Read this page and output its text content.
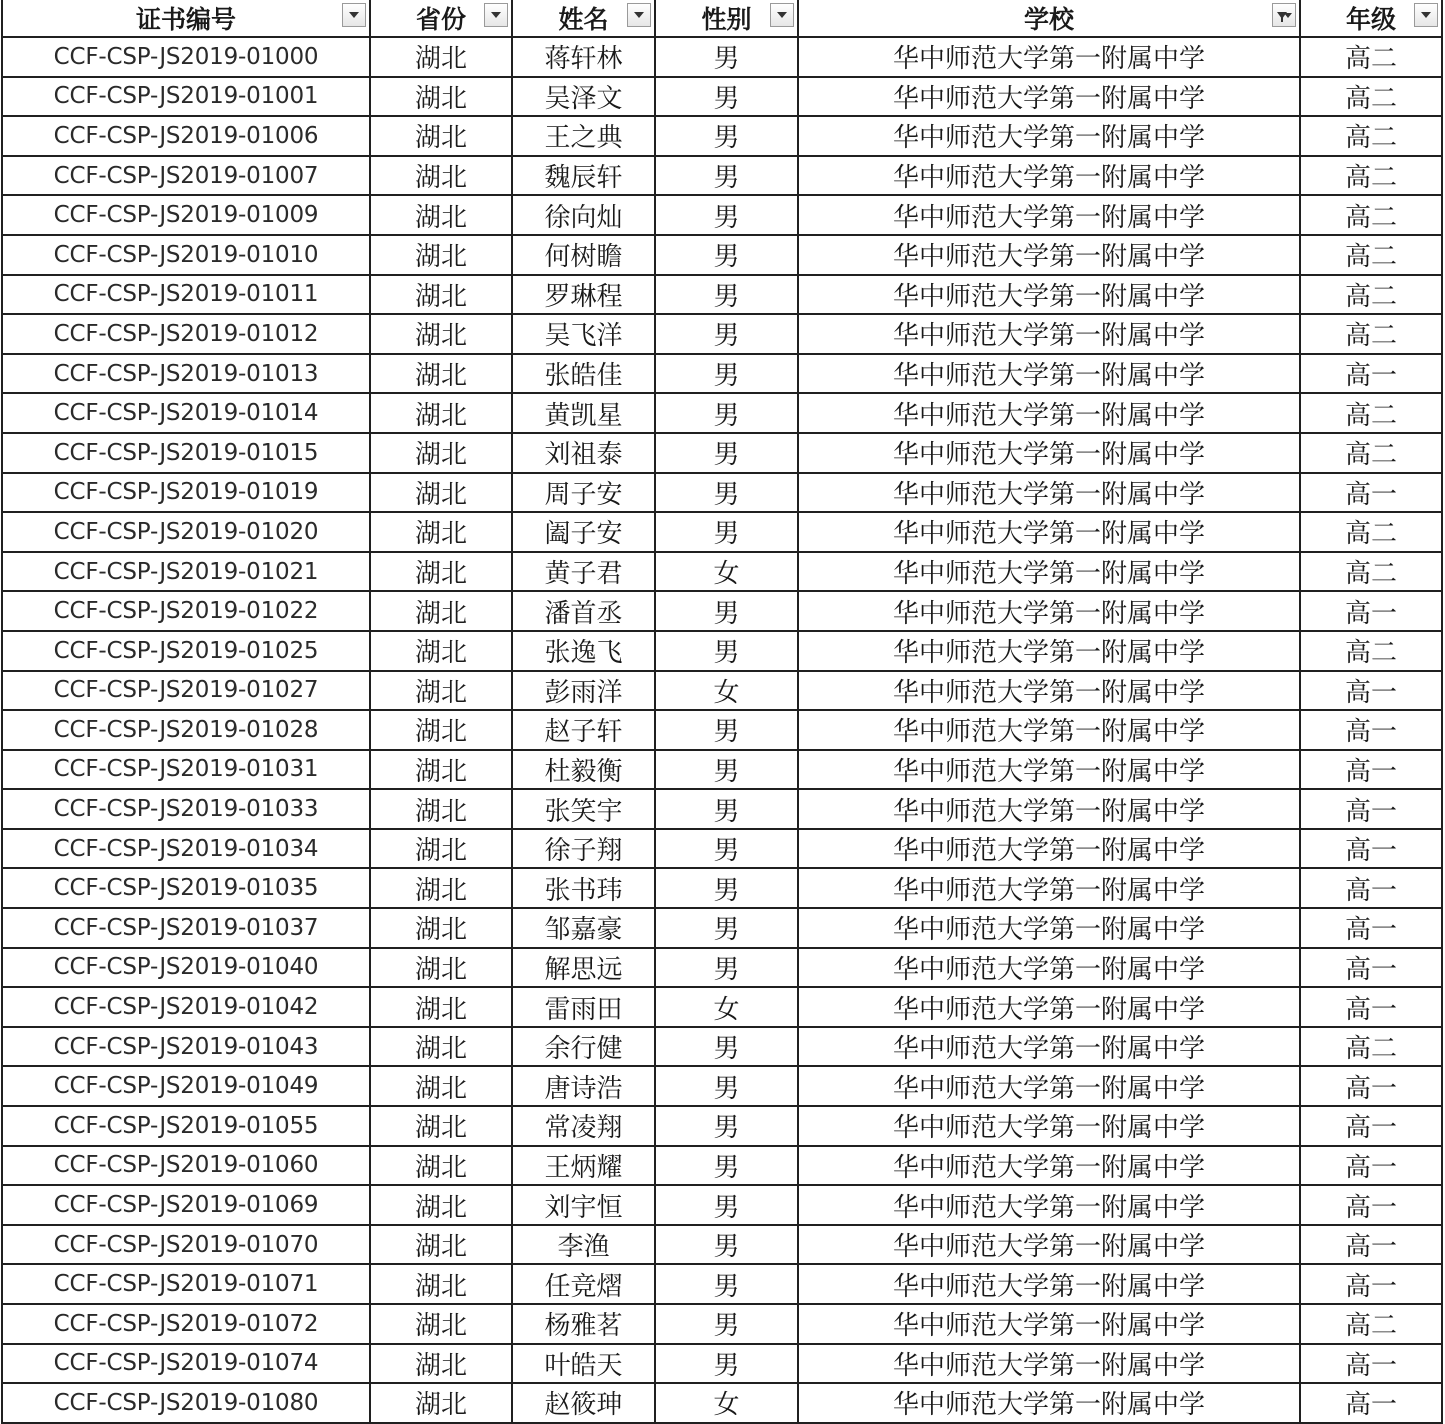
证书编号	省份	姓名	性别	学校	年级

CCF-CSP-JS2019-01000	湖北	蒋轩林	男	华中师范大学第一附属中学	高二
CCF-CSP-JS2019-01001	湖北	吴泽文	男	华中师范大学第一附属中学	高二
CCF-CSP-JS2019-01006	湖北	王之典	男	华中师范大学第一附属中学	高二
CCF-CSP-JS2019-01007	湖北	魏辰轩	男	华中师范大学第一附属中学	高二
CCF-CSP-JS2019-01009	湖北	徐向灿	男	华中师范大学第一附属中学	高二
CCF-CSP-JS2019-01010	湖北	何树瞻	男	华中师范大学第一附属中学	高二
CCF-CSP-JS2019-01011	湖北	罗琳程	男	华中师范大学第一附属中学	高二
CCF-CSP-JS2019-01012	湖北	吴飞洋	男	华中师范大学第一附属中学	高二
CCF-CSP-JS2019-01013	湖北	张皓佳	男	华中师范大学第一附属中学	高一
CCF-CSP-JS2019-01014	湖北	黄凯星	男	华中师范大学第一附属中学	高二
CCF-CSP-JS2019-01015	湖北	刘祖泰	男	华中师范大学第一附属中学	高二
CCF-CSP-JS2019-01019	湖北	周子安	男	华中师范大学第一附属中学	高一
CCF-CSP-JS2019-01020	湖北	阖子安	男	华中师范大学第一附属中学	高二
CCF-CSP-JS2019-01021	湖北	黄子君	女	华中师范大学第一附属中学	高二
CCF-CSP-JS2019-01022	湖北	潘首丞	男	华中师范大学第一附属中学	高一
CCF-CSP-JS2019-01025	湖北	张逸飞	男	华中师范大学第一附属中学	高二
CCF-CSP-JS2019-01027	湖北	彭雨洋	女	华中师范大学第一附属中学	高一
CCF-CSP-JS2019-01028	湖北	赵子轩	男	华中师范大学第一附属中学	高一
CCF-CSP-JS2019-01031	湖北	杜毅衡	男	华中师范大学第一附属中学	高一
CCF-CSP-JS2019-01033	湖北	张笑宇	男	华中师范大学第一附属中学	高一
CCF-CSP-JS2019-01034	湖北	徐子翔	男	华中师范大学第一附属中学	高一
CCF-CSP-JS2019-01035	湖北	张书玮	男	华中师范大学第一附属中学	高一
CCF-CSP-JS2019-01037	湖北	邹嘉豪	男	华中师范大学第一附属中学	高一
CCF-CSP-JS2019-01040	湖北	解思远	男	华中师范大学第一附属中学	高一
CCF-CSP-JS2019-01042	湖北	雷雨田	女	华中师范大学第一附属中学	高一
CCF-CSP-JS2019-01043	湖北	余行健	男	华中师范大学第一附属中学	高二
CCF-CSP-JS2019-01049	湖北	唐诗浩	男	华中师范大学第一附属中学	高一
CCF-CSP-JS2019-01055	湖北	常凌翔	男	华中师范大学第一附属中学	高一
CCF-CSP-JS2019-01060	湖北	王炳耀	男	华中师范大学第一附属中学	高一
CCF-CSP-JS2019-01069	湖北	刘宇恒	男	华中师范大学第一附属中学	高一
CCF-CSP-JS2019-01070	湖北	李渔	男	华中师范大学第一附属中学	高一
CCF-CSP-JS2019-01071	湖北	任竞熠	男	华中师范大学第一附属中学	高一
CCF-CSP-JS2019-01072	湖北	杨雅茗	男	华中师范大学第一附属中学	高二
CCF-CSP-JS2019-01074	湖北	叶皓天	男	华中师范大学第一附属中学	高一
CCF-CSP-JS2019-01080	湖北	赵筱珅	女	华中师范大学第一附属中学	高一
